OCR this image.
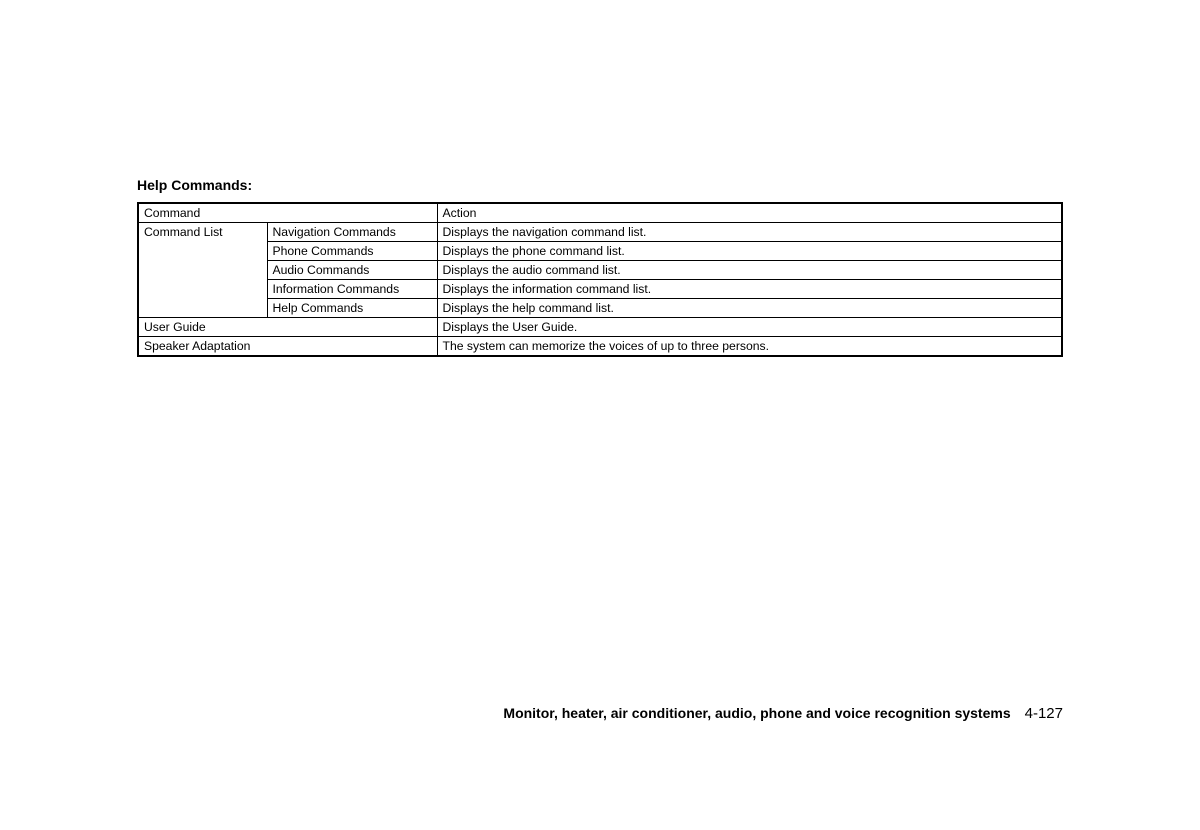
Help Commands:
Command		Action
Command List	Navigation Commands	Displays the navigation command list.
	Phone Commands	Displays the phone command list.
	Audio Commands	Displays the audio command list.
	Information Commands	Displays the information command list.
	Help Commands	Displays the help command list.
User Guide		Displays the User Guide.
Speaker Adaptation		The system can memorize the voices of up to three persons.
Monitor, heater, air conditioner, audio, phone and voice recognition systems 4-127
